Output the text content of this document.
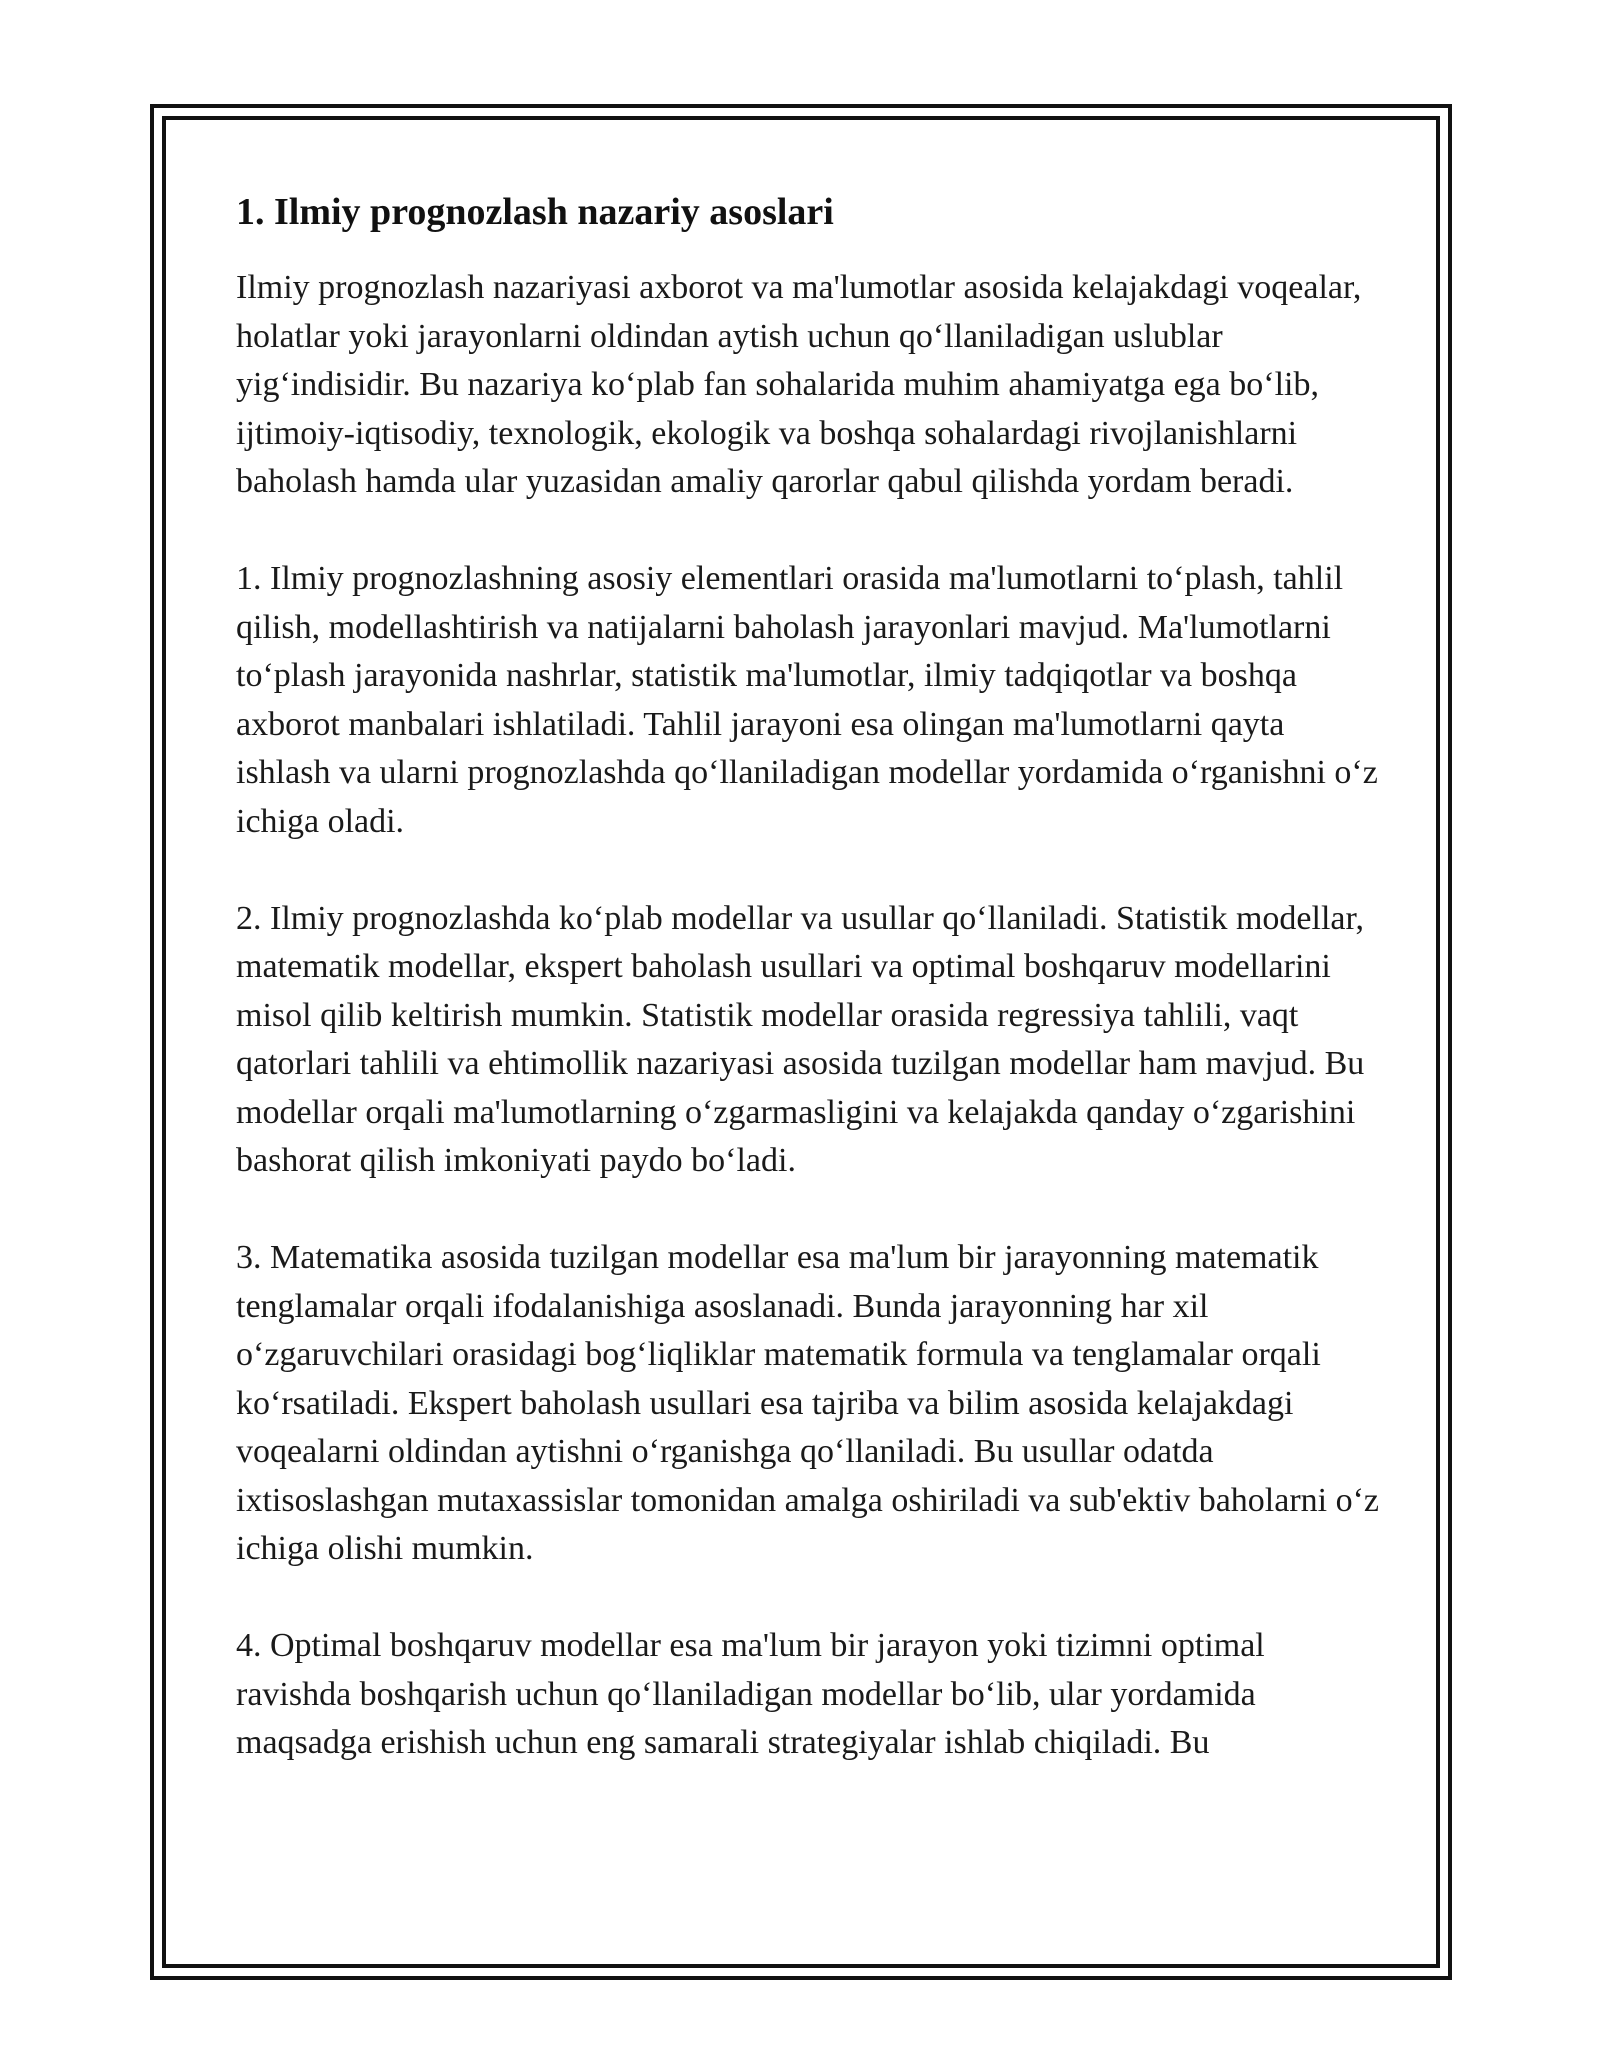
1. Ilmiy prognozlash nazariy asoslari

Ilmiy prognozlash nazariyasi axborot va ma'lumotlar asosida kelajakdagi voqealar, holatlar yoki jarayonlarni oldindan aytish uchun qo‘llaniladigan uslublar yig‘indisidir. Bu nazariya ko‘plab fan sohalarida muhim ahamiyatga ega bo‘lib, ijtimoiy-iqtisodiy, texnologik, ekologik va boshqa sohalardagi rivojlanishlarni baholash hamda ular yuzasidan amaliy qarorlar qabul qilishda yordam beradi.

1. Ilmiy prognozlashning asosiy elementlari orasida ma'lumotlarni to‘plash, tahlil qilish, modellashtirish va natijalarni baholash jarayonlari mavjud. Ma'lumotlarni to‘plash jarayonida nashrlar, statistik ma'lumotlar, ilmiy tadqiqotlar va boshqa axborot manbalari ishlatiladi. Tahlil jarayoni esa olingan ma'lumotlarni qayta ishlash va ularni prognozlashda qo‘llaniladigan modellar yordamida o‘rganishni o‘z ichiga oladi.

2. Ilmiy prognozlashda ko‘plab modellar va usullar qo‘llaniladi. Statistik modellar, matematik modellar, ekspert baholash usullari va optimal boshqaruv modellarini misol qilib keltirish mumkin. Statistik modellar orasida regressiya tahlili, vaqt qatorlari tahlili va ehtimollik nazariyasi asosida tuzilgan modellar ham mavjud. Bu modellar orqali ma'lumotlarning o‘zgarmasligini va kelajakda qanday o‘zgarishini bashorat qilish imkoniyati paydo bo‘ladi.

3. Matematika asosida tuzilgan modellar esa ma'lum bir jarayonning matematik tenglamalar orqali ifodalanishiga asoslanadi. Bunda jarayonning har xil o‘zgaruvchilari orasidagi bog‘liqliklar matematik formula va tenglamalar orqali ko‘rsatiladi. Ekspert baholash usullari esa tajriba va bilim asosida kelajakdagi voqealarni oldindan aytishni o‘rganishga qo‘llaniladi. Bu usullar odatda ixtisoslashgan mutaxassislar tomonidan amalga oshiriladi va sub'ektiv baholarni o‘z ichiga olishi mumkin.

4. Optimal boshqaruv modellar esa ma'lum bir jarayon yoki tizimni optimal ravishda boshqarish uchun qo‘llaniladigan modellar bo‘lib, ular yordamida maqsadga erishish uchun eng samarali strategiyalar ishlab chiqiladi. Bu
